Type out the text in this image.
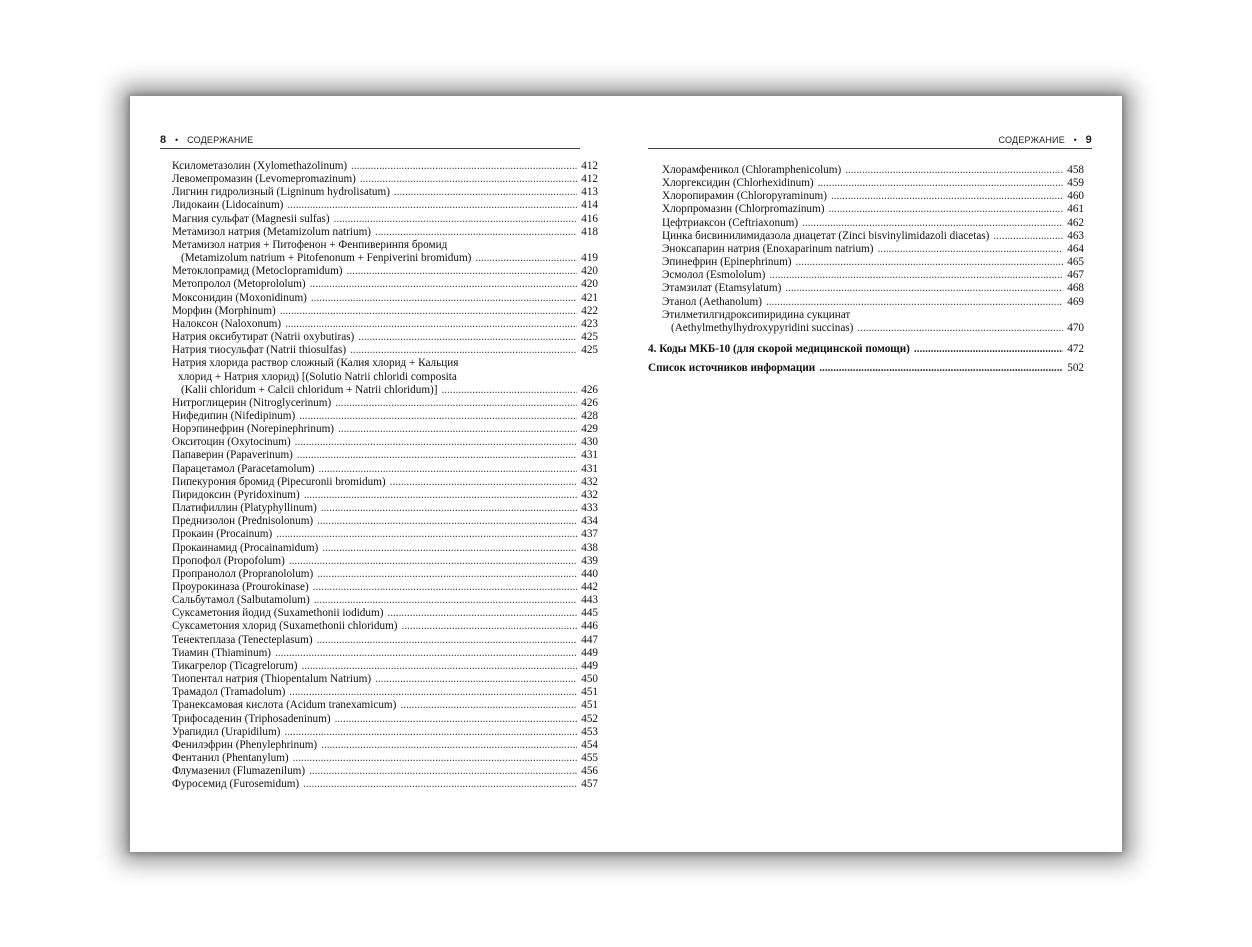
8 • СОДЕРЖАНИЕ	СОДЕРЖАНИЕ • 9
Ксилометазолин (Xylomethazolinum) . . .	412
Левомепромазин (Levomepromazinum) . . .	412
Лигнин гидролизный (Ligninum hydrolisatum) . . .	413
Лидокаин (Lidocainum) . . .	414
Магния сульфат (Magnesii sulfas) . . .	416
Метамизол натрия (Metamizolum natrium) . . .	418
Метамизол натрия + Питофенон + Фенпиверинпя бромид
(Metamizolum natrium + Pitofenonum + Fenpiverini bromidum) . . .	419
Метоклопрамид (Metoclopramidum) . . .	420
Метопролол (Metoprololum) . . .	420
Моксонидин (Moxonidinum) . . .	421
Морфин (Morphinum) . . .	422
Налоксон (Naloxonum) . . .	423
Натрия оксибутират (Natrii oxybutiras) . . .	425
Натрия тиосульфат (Natrii thiosulfas) . . .	425
Натрия хлорида раствор сложный (Калия хлорид + Кальция
хлорид + Натрия хлорид) [(Solutio Natrii chloridi composita
(Kalii chloridum + Calcii chloridum + Natrii chloridum)] . . .	426
Нитроглицерин (Nitroglycerinum) . . .	426
Нифедипин (Nifedipinum) . . .	428
Норэпинефрин (Norepinephrinum) . . .	429
Окситоцин (Oxytocinum) . . .	430
Папаверин (Papaverinum) . . .	431
Парацетамол (Paracetamolum) . . .	431
Пипекурония бромид (Pipecuronii bromidum) . . .	432
Пиридоксин (Pyridoxinum) . . .	432
Платифиллин (Platyphyllinum) . . .	433
Преднизолон (Prednisolonum) . . .	434
Прокаин (Procainum) . . .	437
Прокаинамид (Procainamidum) . . .	438
Пропофол (Propofolum) . . .	439
Пропранолол (Propranololum) . . .	440
Проурокиназа (Prourokinase) . . .	442
Сальбутамол (Salbutamolum) . . .	443
Суксаметония йодид (Suxamethonii iodidum) . . .	445
Суксаметония хлорид (Suxamethonii chloridum) . . .	446
Тенектеплаза (Tenecteplasum) . . .	447
Тиамин (Thiaminum) . . .	449
Тикагрелор (Ticagrelorum) . . .	449
Тиопентал натрия (Thiopentalum Natrium) . . .	450
Трамадол (Tramadolum) . . .	451
Транексамовая кислота (Acidum tranexamicum) . . .	451
Трифосаденин (Triphosadeninum) . . .	452
Урапидил (Urapidilum) . . .	453
Фенилэфрин (Phenylephrinum) . . .	454
Фентанил (Phentanylum) . . .	455
Флумазенил (Flumazenilum) . . .	456
Фуросемид (Furosemidum) . . .	457
Хлорамфеникол (Chloramphenicolum) . . .	458
Хлоргексидин (Chlorhexidinum) . . .	459
Хлоропирамин (Chloropyraminum) . . .	460
Хлорпромазин (Chlorpromazinum) . . .	461
Цефтриаксон (Ceftriaxonum) . . .	462
Цинка бисвинилимидазола диацетат (Zinci bisvinylimidazoli diacetas) . . .	463
Эноксапарин натрия (Enoxaparinum natrium) . . .	464
Эпинефрин (Epinephrinum) . . .	465
Эсмолол (Esmololum) . . .	467
Этамзилат (Etamsylatum) . . .	468
Этанол (Aethanolum) . . .	469
Этилметилгидроксипиридина сукцинат
(Aethylmethylhydroxypyridini succinas) . . .	470
4. Коды МКБ-10 (для скорой медицинской помощи) . . .	472
Список источников информации . . .	502
